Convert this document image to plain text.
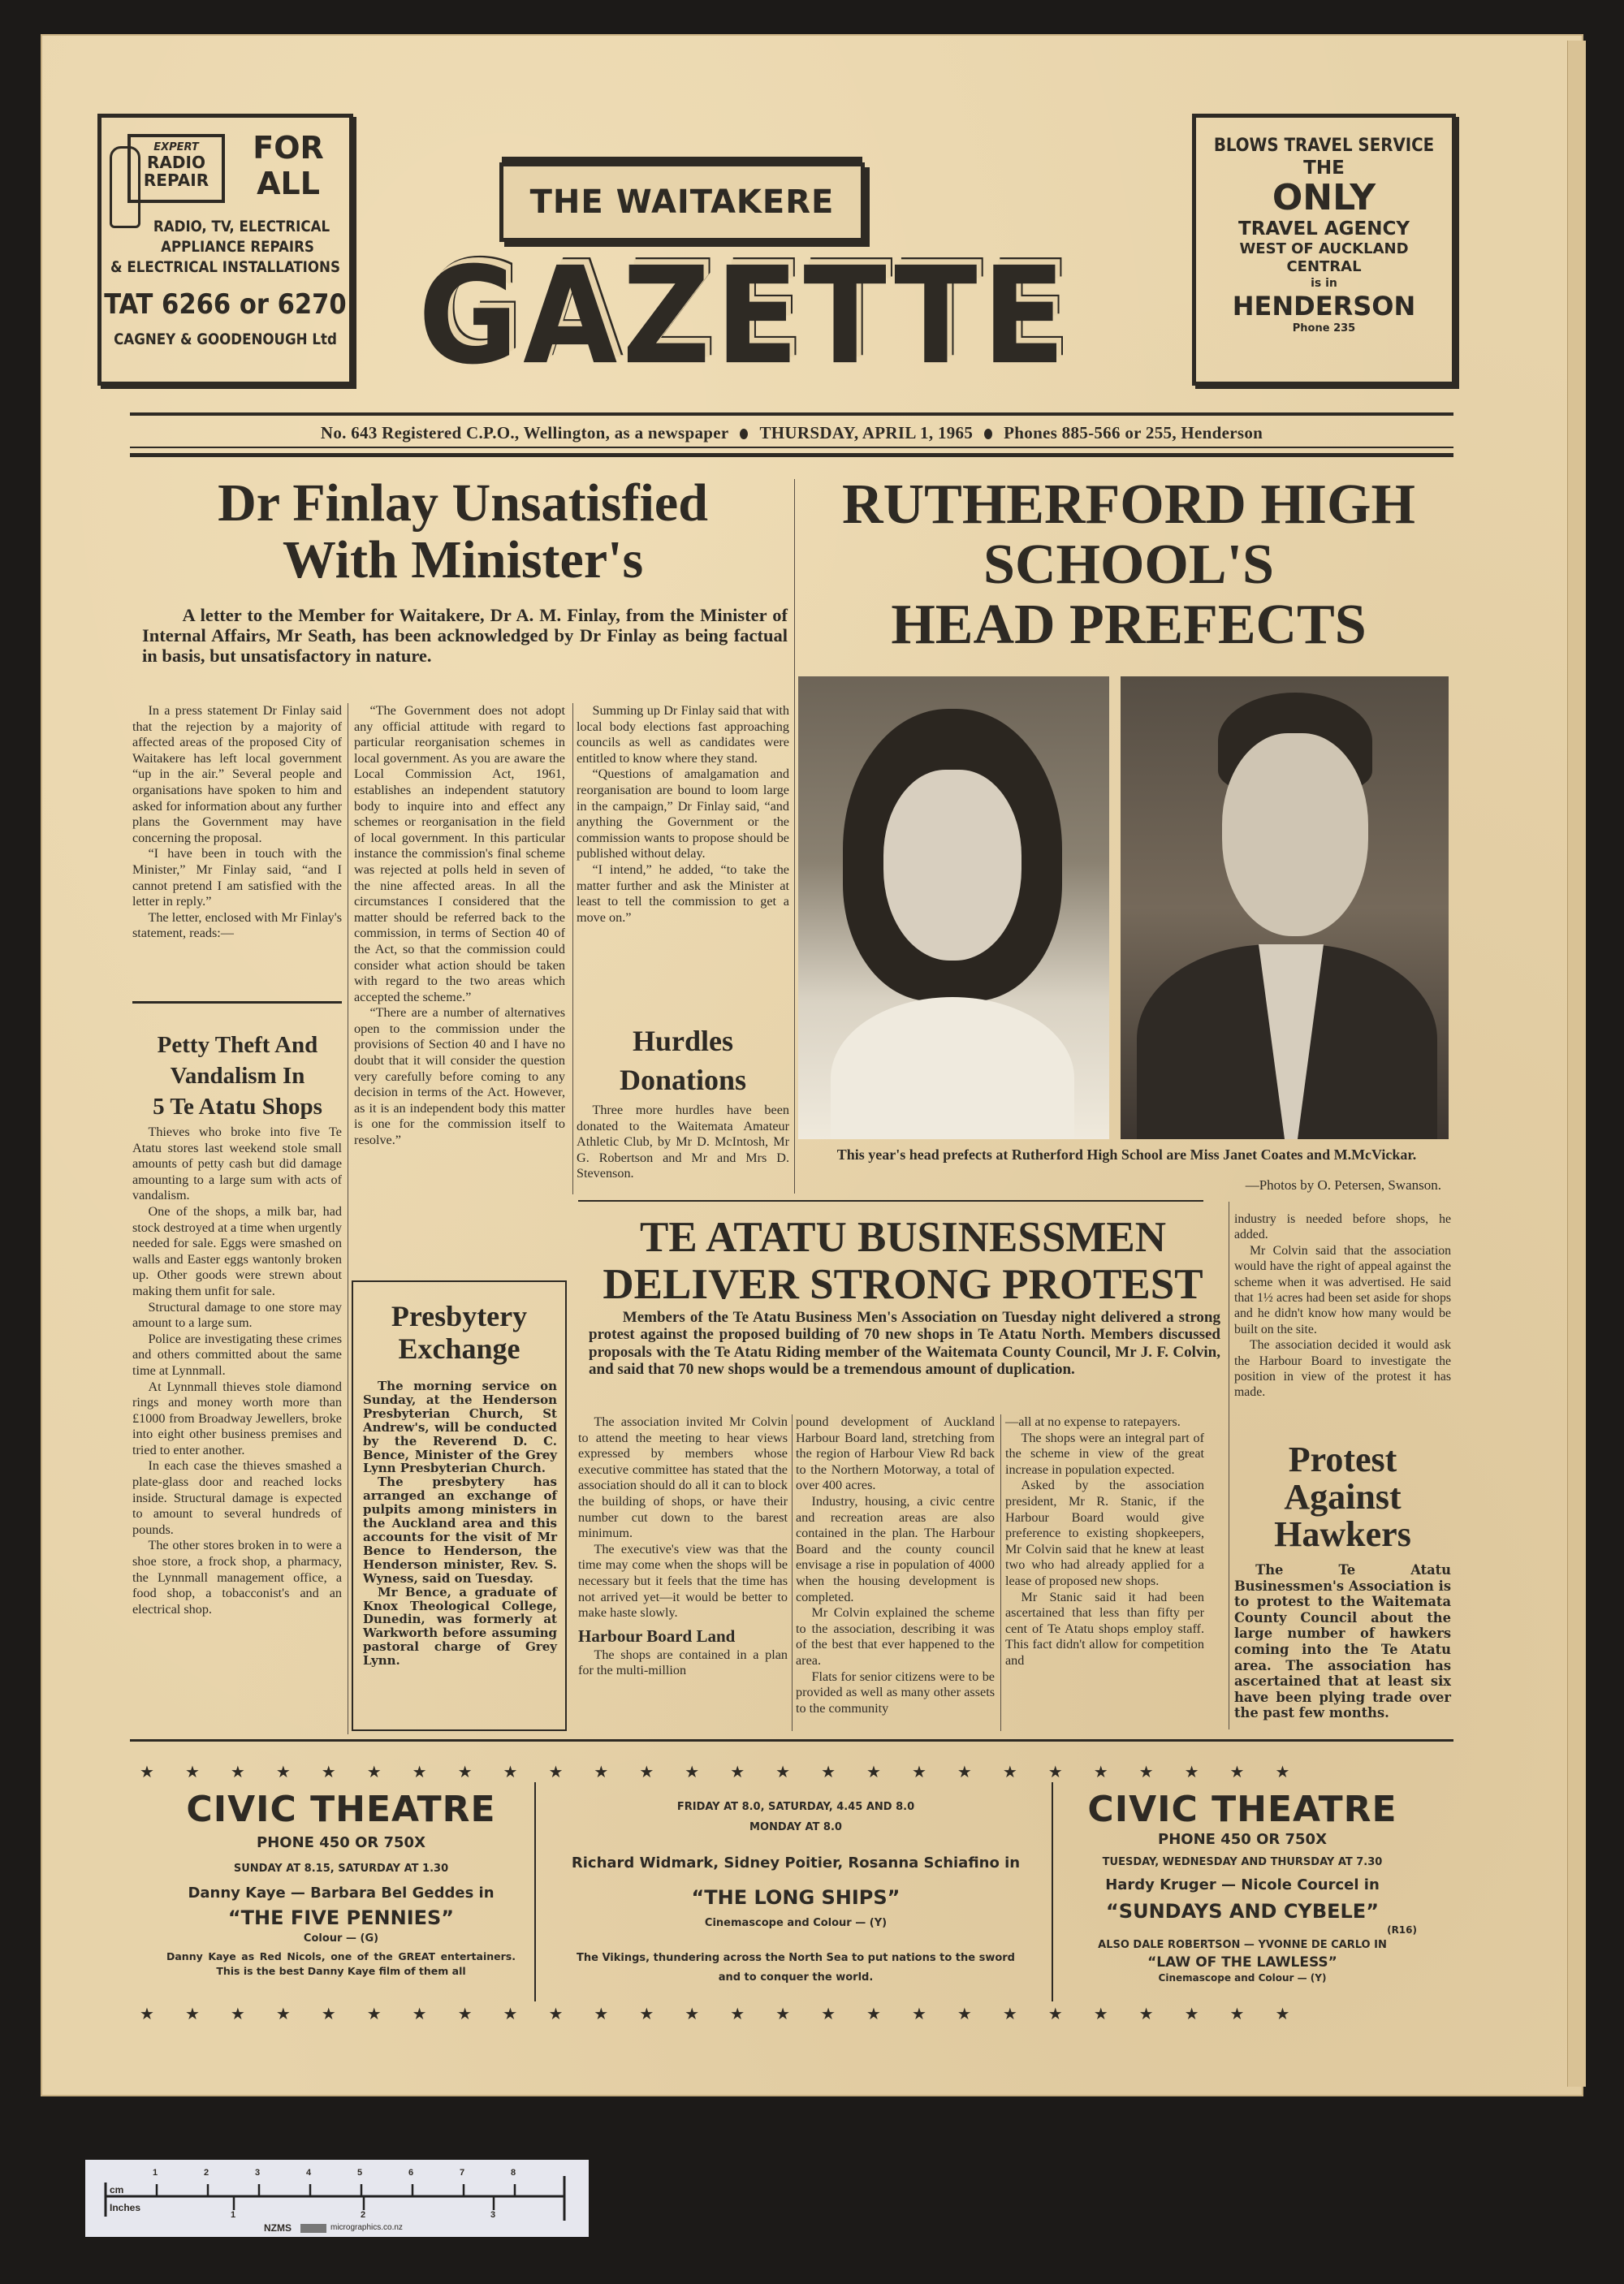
EXPERT
RADIO
REPAIR
FOR
ALL
RADIO, TV, ELECTRICAL
APPLIANCE REPAIRS
& ELECTRICAL INSTALLATIONS
TAT 6266 or 6270
CAGNEY & GOODENOUGH Ltd
THE WAITAKERE
GAZETTE
BLOWS TRAVEL SERVICE
THE
ONLY
TRAVEL AGENCY
WEST OF AUCKLAND
CENTRAL
is in
HENDERSON
Phone 235
No. 643 Registered C.P.O., Wellington, as a newspaper THURSDAY, APRIL 1, 1965 Phones 885-566 or 255, Henderson
Dr Finlay Unsatisfied
With Minister's
A letter to the Member for Waitakere, Dr A. M. Finlay, from the Minister of Internal Affairs, Mr Seath, has been acknowledged by Dr Finlay as being factual in basis, but unsatisfactory in nature.

In a press statement Dr Finlay said that the rejection by a majority of affected areas of the proposed City of Waitakere has left local government “up in the air.” Several people and organisations have spoken to him and asked for information about any further plans the Government may have concerning the proposal.

“I have been in touch with the Minister,” Mr Finlay said, “and I cannot pretend I am satisfied with the letter in reply.”

The letter, enclosed with Mr Finlay's statement, reads:—

“The Government does not adopt any official attitude with regard to particular reorganisation schemes in local government. As you are aware the Local Commission Act, 1961, establishes an independent statutory body to inquire into and effect any schemes or reorganisation in the field of local government. In this particular instance the commission's final scheme was rejected at polls held in seven of the nine affected areas. In all the circumstances I considered that the matter should be referred back to the commission, in terms of Section 40 of the Act, so that the commission could consider what action should be taken with regard to the two areas which accepted the scheme.”

“There are a number of alternatives open to the commission under the provisions of Section 40 and I have no doubt that it will consider the question very carefully before coming to any decision in terms of the Act. However, as it is an independent body this matter is one for the commission itself to resolve.”

Summing up Dr Finlay said that with local body elections fast approaching councils as well as candidates were entitled to know where they stand.

“Questions of amalgamation and reorganisation are bound to loom large in the campaign,” Dr Finlay said, “and anything the Government or the commission wants to propose should be published without delay.

“I intend,” he added, “to take the matter further and ask the Minister at least to tell the commission to get a move on.”

Petty Theft And
Vandalism In
5 Te Atatu Shops

Thieves who broke into five Te Atatu stores last weekend stole small amounts of petty cash but did damage amounting to a large sum with acts of vandalism.

One of the shops, a milk bar, had stock destroyed at a time when urgently needed for sale. Eggs were smashed on walls and Easter eggs wantonly broken up. Other goods were strewn about making them unfit for sale.

Structural damage to one store may amount to a large sum.

Police are investigating these crimes and others committed about the same time at Lynnmall.

At Lynnmall thieves stole diamond rings and money worth more than £1000 from Broadway Jewellers, broke into eight other business premises and tried to enter another.

In each case the thieves smashed a plate-glass door and reached locks inside. Structural damage is expected to amount to several hundreds of pounds.

The other stores broken in to were a shoe store, a frock shop, a pharmacy, the Lynnmall management office, a food shop, a tobacconist's and an electrical shop.

Presbytery
Exchange

The morning service on Sunday, at the Henderson Presbyterian Church, St Andrew's, will be conducted by the Reverend D. C. Bence, Minister of the Grey Lynn Presbyterian Church.

The presbytery has arranged an exchange of pulpits among ministers in the Auckland area and this accounts for the visit of Mr Bence to Henderson, the Henderson minister, Rev. S. Wyness, said on Tuesday.

Mr Bence, a graduate of Knox Theological College, Dunedin, was formerly at Warkworth before assuming pastoral charge of Grey Lynn.

Hurdles
Donations

Three more hurdles have been donated to the Waitemata Amateur Athletic Club, by Mr D. McIntosh, Mr G. Robertson and Mr and Mrs D. Stevenson.

RUTHERFORD HIGH
SCHOOL'S
HEAD PREFECTS
This year's head prefects at Rutherford High School are Miss Janet Coates and M.McVickar.
—Photos by O. Petersen, Swanson.
TE ATATU BUSINESSMEN
DELIVER STRONG PROTEST
Members of the Te Atatu Business Men's Association on Tuesday night delivered a strong protest against the proposed building of 70 new shops in Te Atatu North. Members discussed proposals with the Te Atatu Riding member of the Waitemata County Council, Mr J. F. Colvin, and said that 70 new shops would be a tremendous amount of duplication.

The association invited Mr Colvin to attend the meeting to hear views expressed by members whose executive committee has stated that the association should do all it can to block the building of shops, or have their number cut down to the barest minimum.

The executive's view was that the time may come when the shops will be necessary but it feels that the time has not arrived yet—it would be better to make haste slowly.

Harbour Board Land

The shops are contained in a plan for the multi-million

pound development of Auckland Harbour Board land, stretching from the region of Harbour View Rd back to the Northern Motorway, a total of over 400 acres.

Industry, housing, a civic centre and recreation areas are also contained in the plan. The Harbour Board and the county council envisage a rise in population of 4000 when the housing development is completed.

Mr Colvin explained the scheme to the association, describing it was of the best that ever happened to the area.

Flats for senior citizens were to be provided as well as many other assets to the community

—all at no expense to ratepayers.

The shops were an integral part of the scheme in view of the great increase in population expected.

Asked by the association president, Mr R. Stanic, if the Harbour Board would give preference to existing shopkeepers, Mr Colvin said that he knew at least two who had already applied for a lease of proposed new shops.

Mr Stanic said it had been ascertained that less than fifty per cent of Te Atatu shops employ staff. This fact didn't allow for competition and

industry is needed before shops, he added.

Mr Colvin said that the association would have the right of appeal against the scheme when it was advertised. He said that 1½ acres had been set aside for shops and he didn't know how many would be built on the site.

The association decided it would ask the Harbour Board to investigate the position in view of the protest it has made.

Protest
Against
Hawkers
The Te Atatu Businessmen's Association is to protest to the Waitemata County Council about the large number of hawkers coming into the Te Atatu area. The association has ascertained that at least six have been plying trade over the past few months.
★ ★ ★ ★ ★ ★ ★ ★ ★ ★ ★ ★ ★ ★ ★ ★ ★ ★ ★ ★ ★ ★ ★ ★ ★ ★
★ ★ ★ ★ ★ ★ ★ ★ ★ ★ ★ ★ ★ ★ ★ ★ ★ ★ ★ ★ ★ ★ ★ ★ ★ ★
CIVIC THEATRE
PHONE 450 OR 750X
SUNDAY AT 8.15, SATURDAY AT 1.30
Danny Kaye — Barbara Bel Geddes in
“THE FIVE PENNIES”
Colour — (G)
Danny Kaye as Red Nicols, one of the GREAT entertainers. This is the best Danny Kaye film of them all
FRIDAY AT 8.0, SATURDAY, 4.45 AND 8.0
MONDAY AT 8.0
Richard Widmark, Sidney Poitier, Rosanna Schiafino in
“THE LONG SHIPS”
Cinemascope and Colour — (Y)
The Vikings, thundering across the North Sea to put nations to the sword and to conquer the world.
CIVIC THEATRE
PHONE 450 OR 750X
TUESDAY, WEDNESDAY AND THURSDAY AT 7.30
Hardy Kruger — Nicole Courcel in
“SUNDAYS AND CYBELE”
(R16)
ALSO DALE ROBERTSON — YVONNE DE CARLO IN
“LAW OF THE LAWLESS”
Cinemascope and Colour — (Y)
cm
Inches
1	2	3	4	5	6	7	8
1	2	3
NZMS	micrographics.co.nz
